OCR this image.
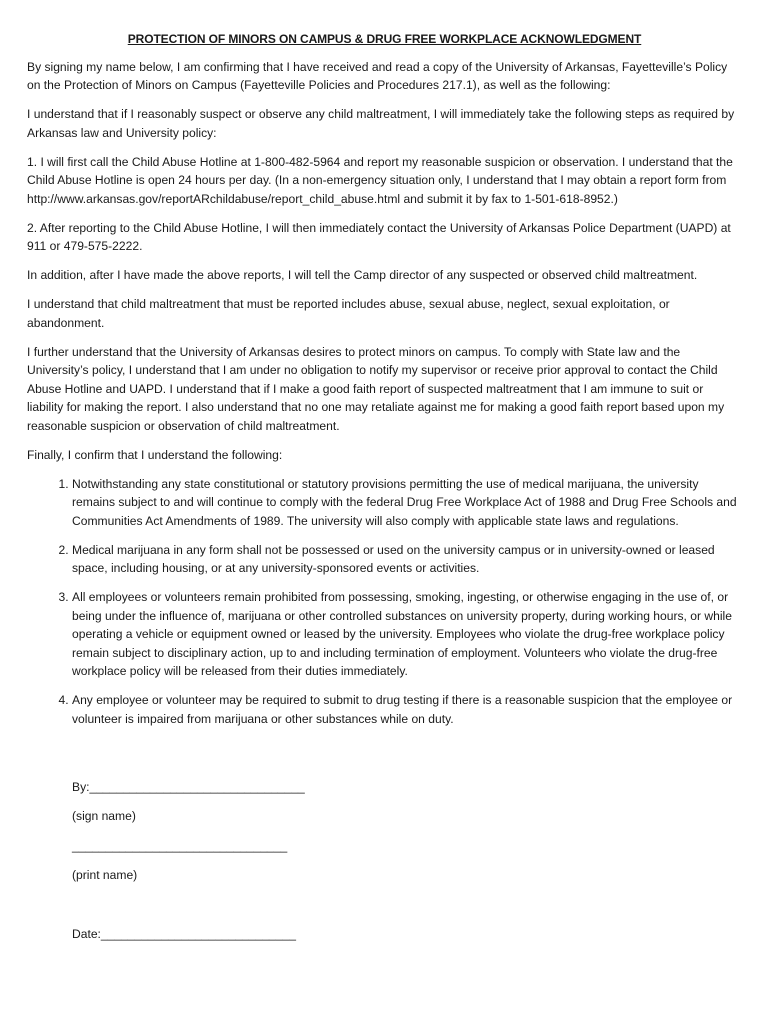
PROTECTION OF MINORS ON CAMPUS & DRUG FREE WORKPLACE ACKNOWLEDGMENT

By signing my name below, I am confirming that I have received and read a copy of the University of Arkansas, Fayetteville’s Policy on the Protection of Minors on Campus (Fayetteville Policies and Procedures 217.1), as well as the following:

I understand that if I reasonably suspect or observe any child maltreatment, I will immediately take the following steps as required by Arkansas law and University policy:

1. I will first call the Child Abuse Hotline at 1-800-482-5964 and report my reasonable suspicion or observation. I understand that the Child Abuse Hotline is open 24 hours per day. (In a non-emergency situation only, I understand that I may obtain a report form from http://www.arkansas.gov/reportARchildabuse/report_child_abuse.html and submit it by fax to 1-501-618-8952.)

2. After reporting to the Child Abuse Hotline, I will then immediately contact the University of Arkansas Police Department (UAPD) at 911 or 479-575-2222.

In addition, after I have made the above reports, I will tell the Camp director of any suspected or observed child maltreatment.

I understand that child maltreatment that must be reported includes abuse, sexual abuse, neglect, sexual exploitation, or abandonment.

I further understand that the University of Arkansas desires to protect minors on campus. To comply with State law and the University’s policy, I understand that I am under no obligation to notify my supervisor or receive prior approval to contact the Child Abuse Hotline and UAPD. I understand that if I make a good faith report of suspected maltreatment that I am immune to suit or liability for making the report. I also understand that no one may retaliate against me for making a good faith report based upon my reasonable suspicion or observation of child maltreatment.

Finally, I confirm that I understand the following:

1. Notwithstanding any state constitutional or statutory provisions permitting the use of medical marijuana, the university remains subject to and will continue to comply with the federal Drug Free Workplace Act of 1988 and Drug Free Schools and Communities Act Amendments of 1989. The university will also comply with applicable state laws and regulations.
2. Medical marijuana in any form shall not be possessed or used on the university campus or in university-owned or leased space, including housing, or at any university-sponsored events or activities.
3. All employees or volunteers remain prohibited from possessing, smoking, ingesting, or otherwise engaging in the use of, or being under the influence of, marijuana or other controlled substances on university property, during working hours, or while operating a vehicle or equipment owned or leased by the university. Employees who violate the drug-free workplace policy remain subject to disciplinary action, up to and including termination of employment. Volunteers who violate the drug-free workplace policy will be released from their duties immediately.
4. Any employee or volunteer may be required to submit to drug testing if there is a reasonable suspicion that the employee or volunteer is impaired from marijuana or other substances while on duty.
By:________________________________
(sign name)
________________________________
(print name)
Date:_____________________________
